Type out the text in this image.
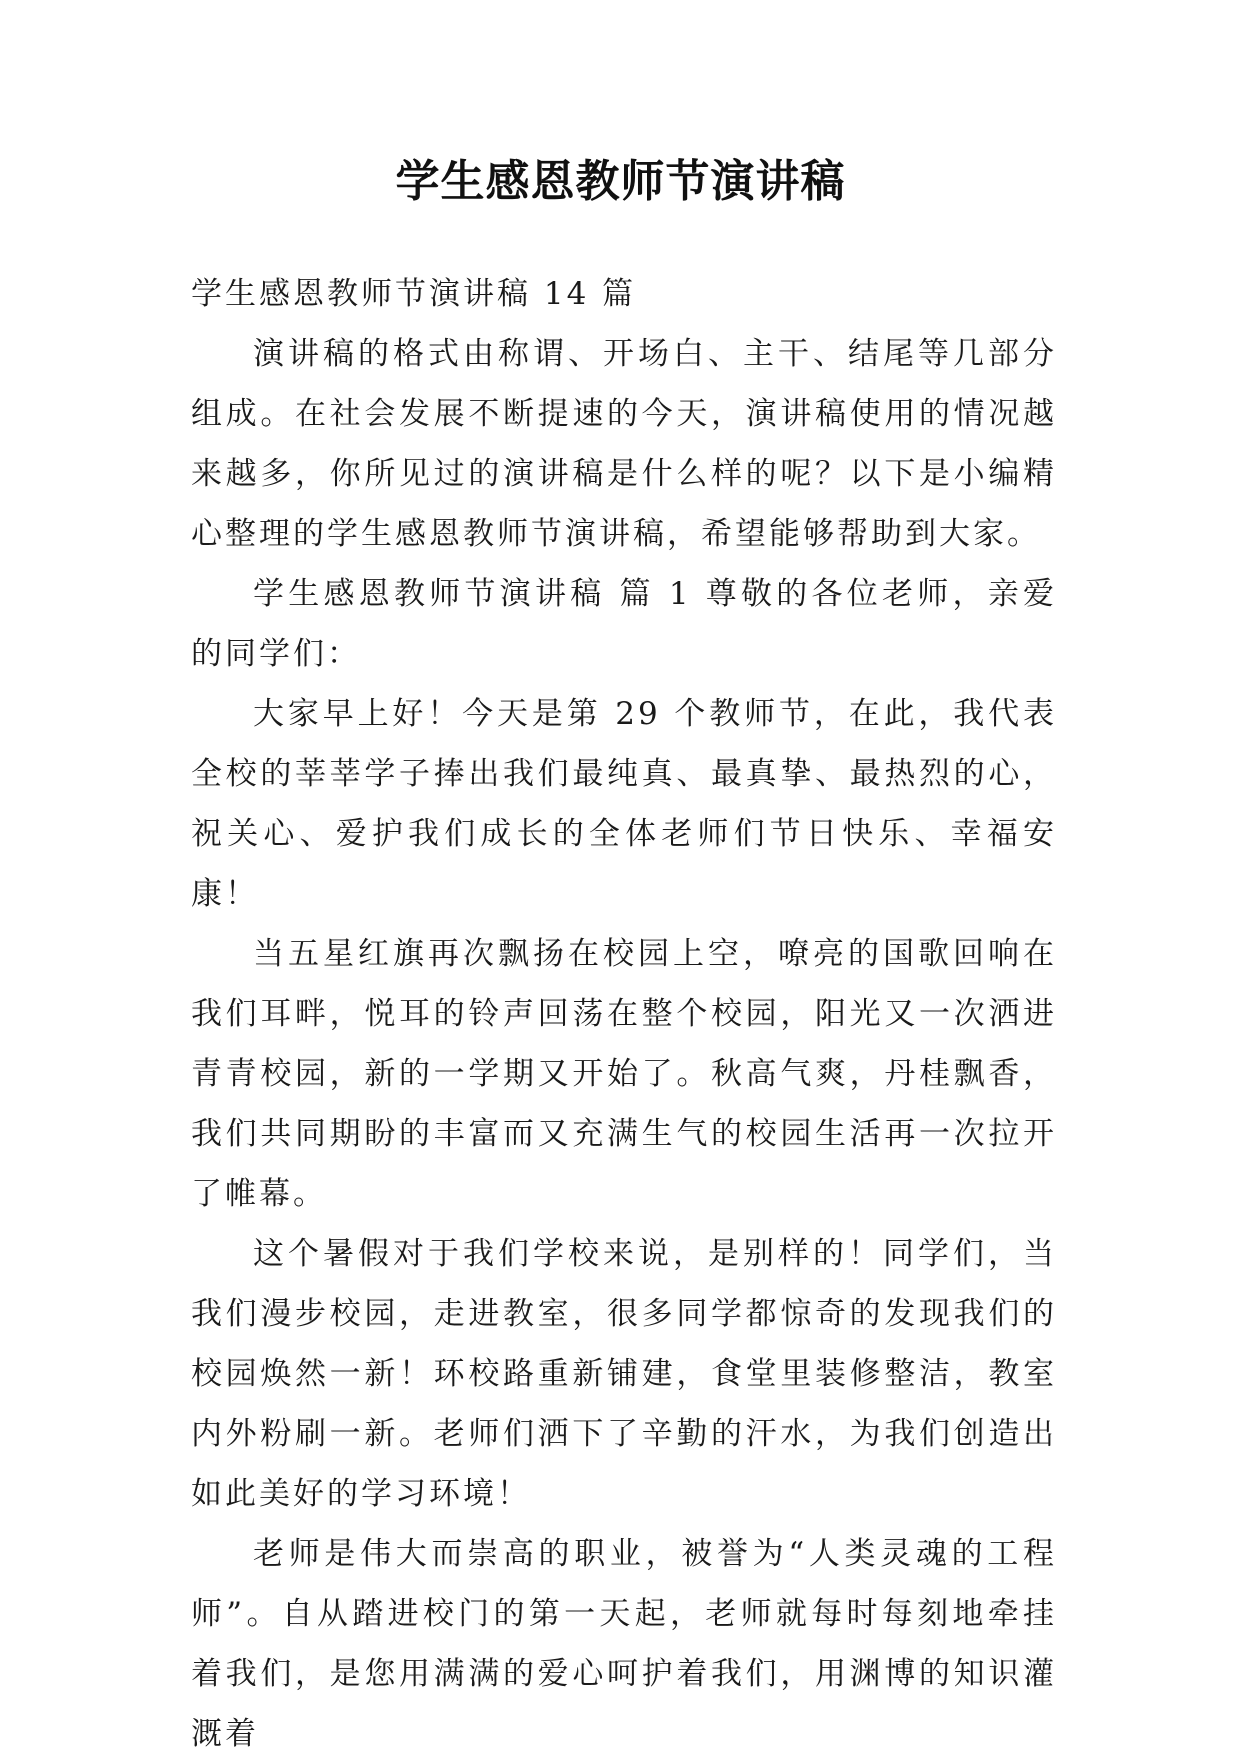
学生感恩教师节演讲稿

学生感恩教师节演讲稿 14 篇

演讲稿的格式由称谓、开场白、主干、结尾等几部分组成。在社会发展不断提速的今天，演讲稿使用的情况越来越多，你所见过的演讲稿是什么样的呢？以下是小编精心整理的学生感恩教师节演讲稿，希望能够帮助到大家。

学生感恩教师节演讲稿 篇 1 尊敬的各位老师，亲爱的同学们：

大家早上好！今天是第 29 个教师节，在此，我代表全校的莘莘学子捧出我们最纯真、最真挚、最热烈的心，祝关心、爱护我们成长的全体老师们节日快乐、幸福安康！

当五星红旗再次飘扬在校园上空，嘹亮的国歌回响在我们耳畔，悦耳的铃声回荡在整个校园，阳光又一次洒进青青校园，新的一学期又开始了。秋高气爽，丹桂飘香，我们共同期盼的丰富而又充满生气的校园生活再一次拉开了帷幕。

这个暑假对于我们学校来说，是别样的！同学们，当我们漫步校园，走进教室，很多同学都惊奇的发现我们的校园焕然一新！环校路重新铺建，食堂里装修整洁，教室内外粉刷一新。老师们洒下了辛勤的汗水，为我们创造出如此美好的学习环境！

老师是伟大而崇高的职业，被誉为“人类灵魂的工程师”。自从踏进校门的第一天起，老师就每时每刻地牵挂着我们，是您用满满的爱心呵护着我们，用渊博的知识灌溉着
